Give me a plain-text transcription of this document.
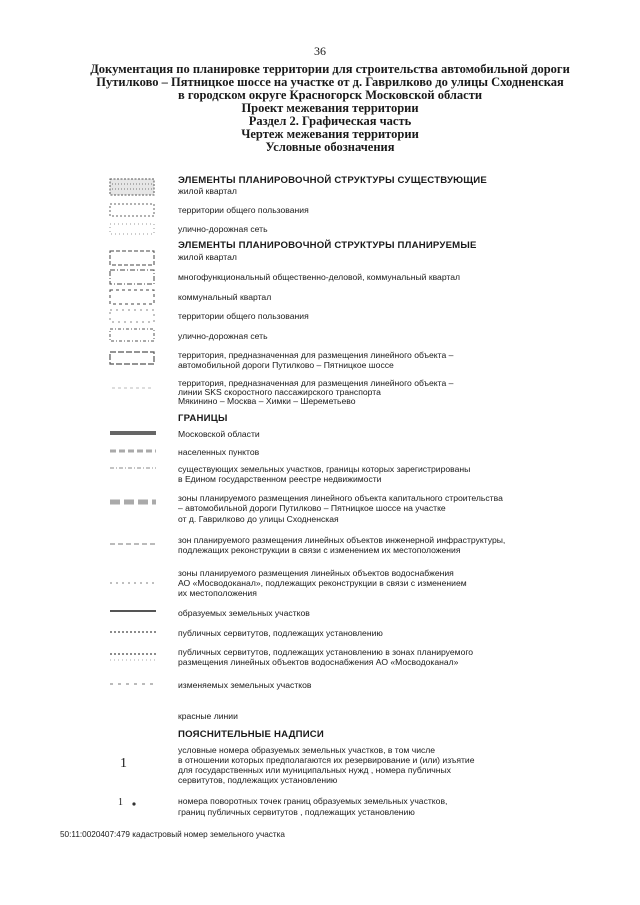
36
Документация по планировке территории для строительства автомобильной дороги
Путилково – Пятницкое шоссе на участке от д. Гаврилково до улицы Сходненская
в городском округе Красногорск Московской области
Проект межевания территории
Раздел 2. Графическая часть
Чертеж межевания территории
Условные обозначения
ЭЛЕМЕНТЫ ПЛАНИРОВОЧНОЙ СТРУКТУРЫ СУЩЕСТВУЮЩИЕ
жилой квартал
территории общего пользования
улично-дорожная сеть
ЭЛЕМЕНТЫ ПЛАНИРОВОЧНОЙ СТРУКТУРЫ ПЛАНИРУЕМЫЕ
жилой квартал
многофункциональный общественно-деловой, коммунальный квартал
коммунальный квартал
территории общего пользования
улично-дорожная сеть
территория, предназначенная для размещения линейного объекта –
автомобильной дороги Путилково – Пятницкое шоссе
территория, предназначенная для размещения линейного объекта –
линии SKS скоростного пассажирского транспорта
Мякинино – Москва – Химки – Шереметьево
ГРАНИЦЫ
Московской области
населенных пунктов
существующих земельных участков, границы которых зарегистрированы
в Едином государственном реестре недвижимости
зоны планируемого размещения линейного объекта капитального строительства
– автомобильной дороги Путилково – Пятницкое шоссе на участке
от д. Гаврилково до улицы Сходненская
зон планируемого размещения линейных объектов инженерной инфраструктуры,
подлежащих реконструкции в связи с изменением их местоположения
зоны планируемого размещения линейных объектов водоснабжения
АО «Мосводоканал», подлежащих реконструкции в связи с изменением
их местоположения
образуемых земельных участков
публичных сервитутов, подлежащих установлению
публичных сервитутов, подлежащих установлению в зонах планируемого
размещения линейных объектов водоснабжения АО «Мосводоканал»
изменяемых земельных участков
красные линии
ПОЯСНИТЕЛЬНЫЕ НАДПИСИ
1
условные номера образуемых земельных участков, в том числе
в отношении которых предполагаются их резервирование и (или) изъятие
для государственных или муниципальных нужд , номера публичных
сервитутов, подлежащих установлению
1	номера поворотных точек границ образуемых земельных участков,
границ публичных сервитутов , подлежащих установлению
50:11:0020407:479 кадастровый номер земельного участка
